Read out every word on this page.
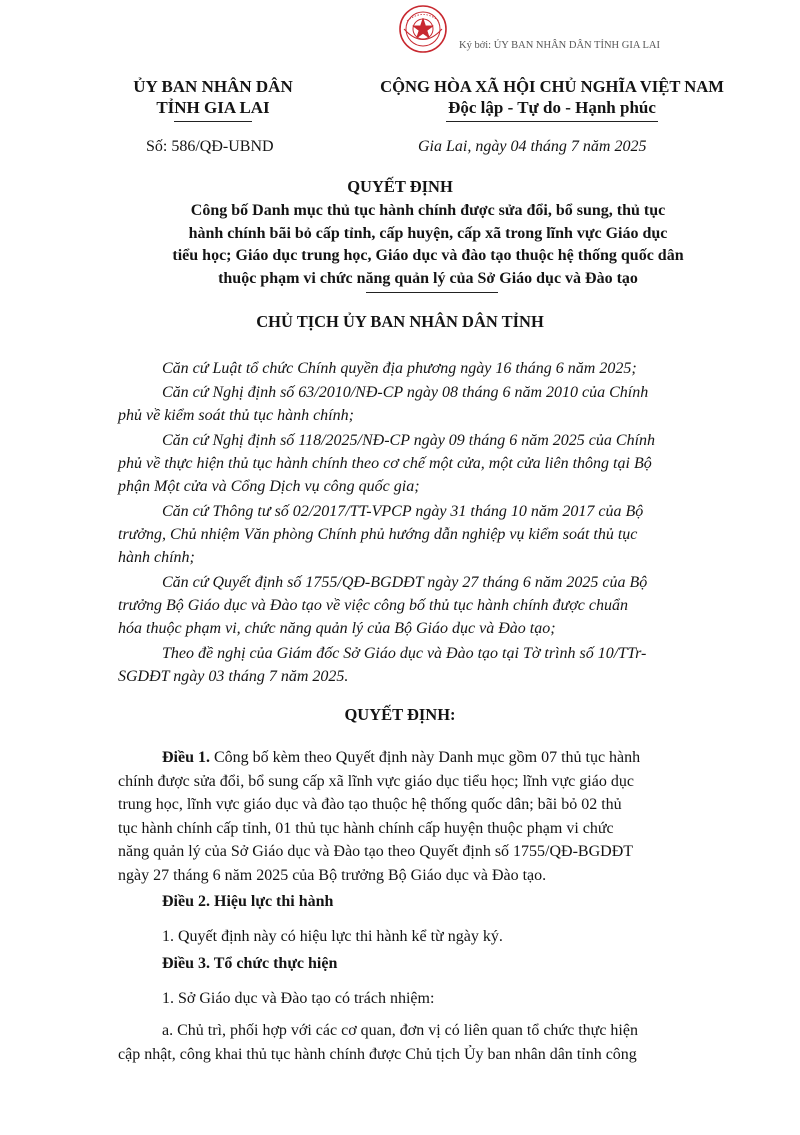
Ký bởi: ỦY BAN NHÂN DÂN TỈNH GIA LAI
ỦY BAN NHÂN DÂN
TỈNH GIA LAI
CỘNG HÒA XÃ HỘI CHỦ NGHĨA VIỆT NAM
Độc lập - Tự do - Hạnh phúc
Số: 586/QĐ-UBND	Gia Lai, ngày 04 tháng 7 năm 2025
QUYẾT ĐỊNH
Công bố Danh mục thủ tục hành chính được sửa đổi, bổ sung, thủ tục
hành chính bãi bỏ cấp tỉnh, cấp huyện, cấp xã trong lĩnh vực Giáo dục
tiểu học; Giáo dục trung học, Giáo dục và đào tạo thuộc hệ thống quốc dân
thuộc phạm vi chức năng quản lý của Sở Giáo dục và Đào tạo
CHỦ TỊCH ỦY BAN NHÂN DÂN TỈNH
Căn cứ Luật tổ chức Chính quyền địa phương ngày 16 tháng 6 năm 2025;
Căn cứ Nghị định số 63/2010/NĐ-CP ngày 08 tháng 6 năm 2010 của Chính
phủ về kiểm soát thủ tục hành chính;
Căn cứ Nghị định số 118/2025/NĐ-CP ngày 09 tháng 6 năm 2025 của Chính
phủ về thực hiện thủ tục hành chính theo cơ chế một cửa, một cửa liên thông tại Bộ
phận Một cửa và Cổng Dịch vụ công quốc gia;
Căn cứ Thông tư số 02/2017/TT-VPCP ngày 31 tháng 10 năm 2017 của Bộ
trưởng, Chủ nhiệm Văn phòng Chính phủ hướng dẫn nghiệp vụ kiểm soát thủ tục
hành chính;
Căn cứ Quyết định số 1755/QĐ-BGDĐT ngày 27 tháng 6 năm 2025 của Bộ
trưởng Bộ Giáo dục và Đào tạo về việc công bố thủ tục hành chính được chuẩn
hóa thuộc phạm vi, chức năng quản lý của Bộ Giáo dục và Đào tạo;
Theo đề nghị của Giám đốc Sở Giáo dục và Đào tạo tại Tờ trình số 10/TTr-
SGDĐT ngày 03 tháng 7 năm 2025.
QUYẾT ĐỊNH:
Điều 1. Công bố kèm theo Quyết định này Danh mục gồm 07 thủ tục hành
chính được sửa đổi, bổ sung cấp xã lĩnh vực giáo dục tiểu học; lĩnh vực giáo dục
trung học, lĩnh vực giáo dục và đào tạo thuộc hệ thống quốc dân; bãi bỏ 02 thủ
tục hành chính cấp tỉnh, 01 thủ tục hành chính cấp huyện thuộc phạm vi chức
năng quản lý của Sở Giáo dục và Đào tạo theo Quyết định số 1755/QĐ-BGDĐT
ngày 27 tháng 6 năm 2025 của Bộ trưởng Bộ Giáo dục và Đào tạo.
Điều 2. Hiệu lực thi hành
1. Quyết định này có hiệu lực thi hành kể từ ngày ký.
Điều 3. Tổ chức thực hiện
1. Sở Giáo dục và Đào tạo có trách nhiệm:
a. Chủ trì, phối hợp với các cơ quan, đơn vị có liên quan tổ chức thực hiện
cập nhật, công khai thủ tục hành chính được Chủ tịch Ủy ban nhân dân tỉnh công
